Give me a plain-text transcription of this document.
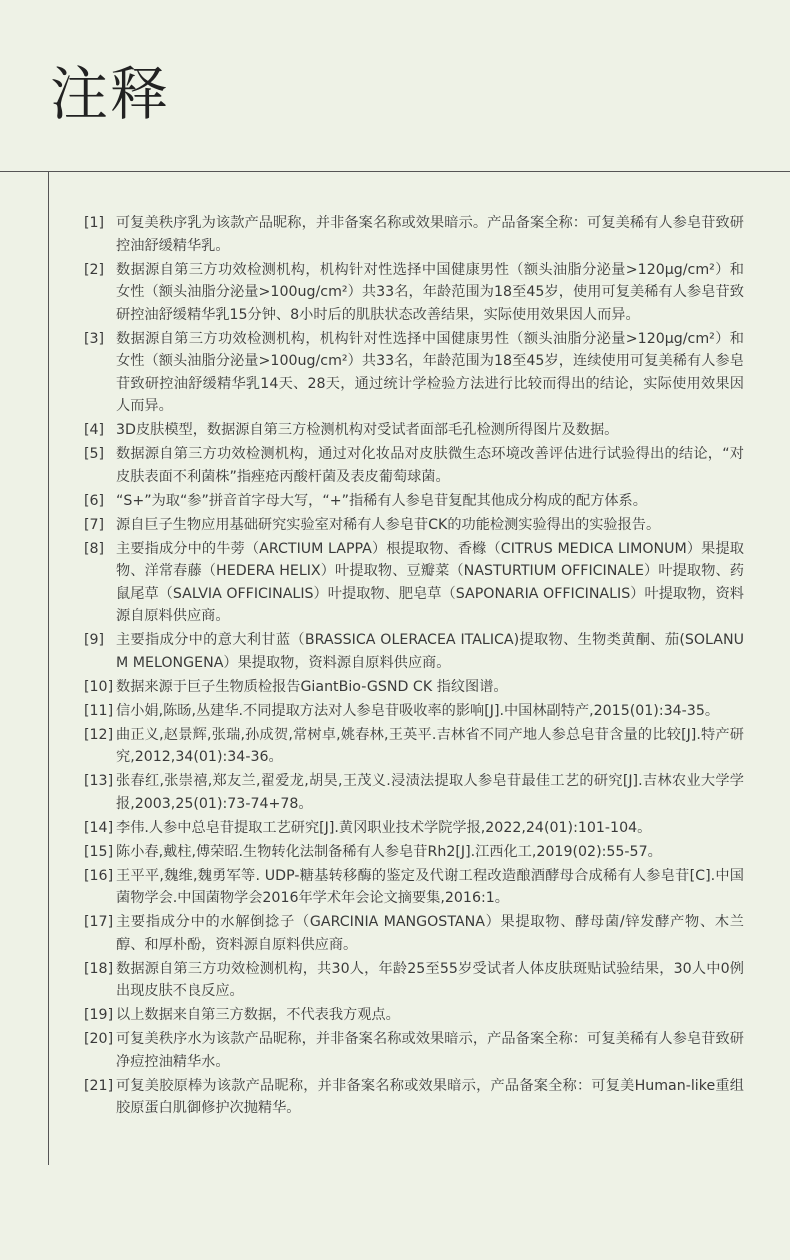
注释
[1] 可复美秩序乳为该款产品昵称，并非备案名称或效果暗示。产品备案全称：可复美稀有人参皂苷致研控油舒缓精华乳。
[2] 数据源自第三方功效检测机构，机构针对性选择中国健康男性（额头油脂分泌量>120μg/cm²）和女性（额头油脂分泌量>100ug/cm²）共33名，年龄范围为18至45岁，使用可复美稀有人参皂苷致研控油舒缓精华乳15分钟、8小时后的肌肤状态改善结果，实际使用效果因人而异。
[3] 数据源自第三方功效检测机构，机构针对性选择中国健康男性（额头油脂分泌量>120μg/cm²）和女性（额头油脂分泌量>100ug/cm²）共33名，年龄范围为18至45岁，连续使用可复美稀有人参皂苷致研控油舒缓精华乳14天、28天，通过统计学检验方法进行比较而得出的结论，实际使用效果因人而异。
[4] 3D皮肤模型，数据源自第三方检测机构对受试者面部毛孔检测所得图片及数据。
[5] 数据源自第三方功效检测机构，通过对化妆品对皮肤微生态环境改善评估进行试验得出的结论，“对皮肤表面不利菌株”指痤疮丙酸杆菌及表皮葡萄球菌。
[6] “S+”为取“参”拼音首字母大写，“+”指稀有人参皂苷复配其他成分构成的配方体系。
[7] 源自巨子生物应用基础研究实验室对稀有人参皂苷CK的功能检测实验得出的实验报告。
[8] 主要指成分中的牛蒡（ARCTIUM LAPPA）根提取物、香橼（CITRUS MEDICA LIMONUM）果提取物、洋常春藤（HEDERA HELIX）叶提取物、豆瓣菜（NASTURTIUM OFFICINALE）叶提取物、药鼠尾草（SALVIA OFFICINALIS）叶提取物、肥皂草（SAPONARIA OFFICINALIS）叶提取物，资料源自原料供应商。
[9] 主要指成分中的意大利甘蓝（BRASSICA OLERACEA ITALICA)提取物、生物类黄酮、茄(SOLANUM MELONGENA）果提取物，资料源自原料供应商。
[10] 数据来源于巨子生物质检报告GiantBio-GSND CK 指纹图谱。
[11] 信小娟,陈旸,丛建华.不同提取方法对人参皂苷吸收率的影响[J].中国林副特产,2015(01):34-35。
[12] 曲正义,赵景辉,张瑞,孙成贺,常树卓,姚春林,王英平.吉林省不同产地人参总皂苷含量的比较[J].特产研究,2012,34(01):34-36。
[13] 张春红,张崇禧,郑友兰,翟爱龙,胡昊,王茂义.浸渍法提取人参皂苷最佳工艺的研究[J].吉林农业大学学报,2003,25(01):73-74+78。
[14] 李伟.人参中总皂苷提取工艺研究[J].黄冈职业技术学院学报,2022,24(01):101-104。
[15] 陈小春,戴柱,傅荣昭.生物转化法制备稀有人参皂苷Rh2[J].江西化工,2019(02):55-57。
[16] 王平平,魏维,魏勇军等. UDP-糖基转移酶的鉴定及代谢工程改造酿酒酵母合成稀有人参皂苷[C].中国菌物学会.中国菌物学会2016年学术年会论文摘要集,2016:1。
[17] 主要指成分中的水解倒捻子（GARCINIA MANGOSTANA）果提取物、酵母菌/锌发酵产物、木兰醇、和厚朴酚，资料源自原料供应商。
[18] 数据源自第三方功效检测机构，共30人，年龄25至55岁受试者人体皮肤斑贴试验结果，30人中0例出现皮肤不良反应。
[19] 以上数据来自第三方数据，不代表我方观点。
[20] 可复美秩序水为该款产品昵称，并非备案名称或效果暗示，产品备案全称：可复美稀有人参皂苷致研净痘控油精华水。
[21] 可复美胶原棒为该款产品昵称，并非备案名称或效果暗示，产品备案全称：可复美Human-like重组胶原蛋白肌御修护次抛精华。
